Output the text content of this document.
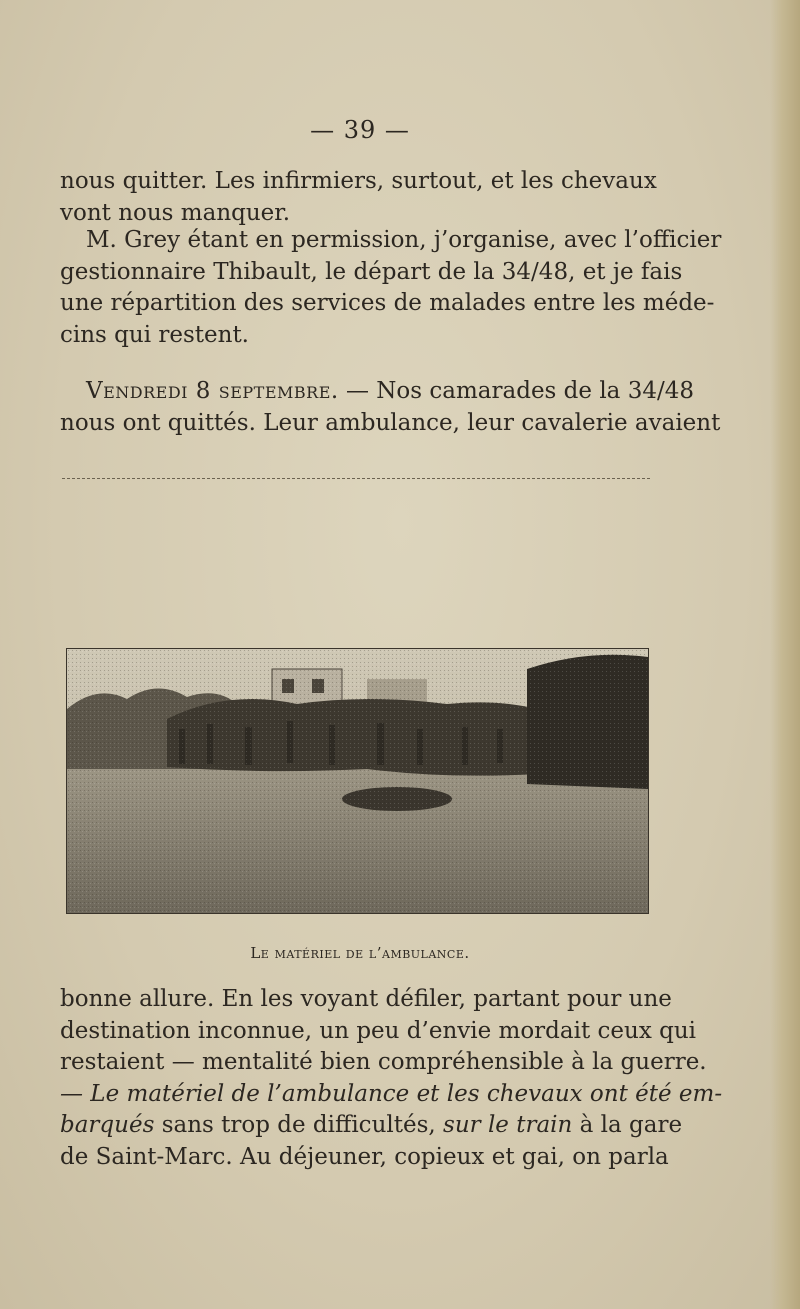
— 39 —
nous quitter. Les infirmiers, surtout, et les chevaux
vont nous manquer.
M. Grey étant en permission, j’organise, avec l’officier
gestionnaire Thibault, le départ de la 34/48, et je fais
une répartition des services de malades entre les méde-
cins qui restent.
Vendredi 8 septembre. — Nos camarades de la 34/48
nous ont quittés. Leur ambulance, leur cavalerie avaient
Le matériel de l’ambulance.
bonne allure. En les voyant défiler, partant pour une
destination inconnue, un peu d’envie mordait ceux qui
restaient — mentalité bien compréhensible à la guerre.
— Le matériel de l’ambulance et les chevaux ont été em-
barqués sans trop de difficultés, sur le train à la gare
de Saint-Marc. Au déjeuner, copieux et gai, on parla
